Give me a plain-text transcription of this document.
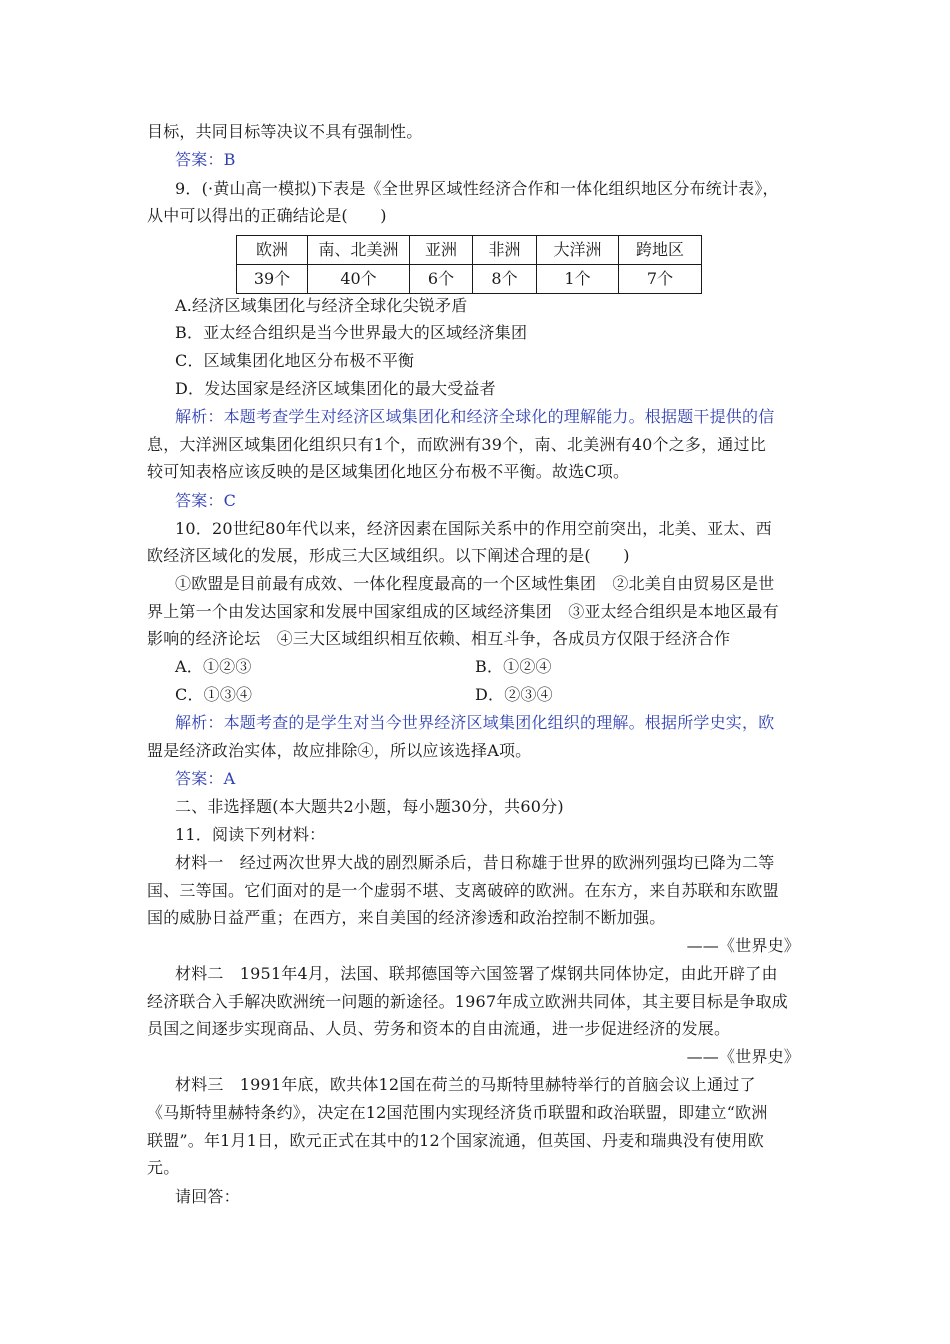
目标，共同目标等决议不具有强制性。
答案：B
9．(·黄山高一模拟)下表是《全世界区域性经济合作和一体化组织地区分布统计表》，
从中可以得出的正确结论是(　　)
欧洲	南、北美洲	亚洲	非洲	大洋洲	跨地区
39个	40个	6个	8个	1个	7个
A.经济区域集团化与经济全球化尖锐矛盾
B．亚太经合组织是当今世界最大的区域经济集团
C．区域集团化地区分布极不平衡
D．发达国家是经济区域集团化的最大受益者
解析：本题考查学生对经济区域集团化和经济全球化的理解能力。根据题干提供的信
息，大洋洲区域集团化组织只有1个，而欧洲有39个，南、北美洲有40个之多，通过比
较可知表格应该反映的是区域集团化地区分布极不平衡。故选C项。
答案：C
10．20世纪80年代以来，经济因素在国际关系中的作用空前突出，北美、亚太、西
欧经济区域化的发展，形成三大区域组织。以下阐述合理的是(　　)
①欧盟是目前最有成效、一体化程度最高的一个区域性集团　②北美自由贸易区是世
界上第一个由发达国家和发展中国家组成的区域经济集团　③亚太经合组织是本地区最有
影响的经济论坛　④三大区域组织相互依赖、相互斗争，各成员方仅限于经济合作
A．①②③	B．①②④
C．①③④	D．②③④
解析：本题考查的是学生对当今世界经济区域集团化组织的理解。根据所学史实，欧
盟是经济政治实体，故应排除④，所以应该选择A项。
答案：A
二、非选择题(本大题共2小题，每小题30分，共60分)
11．阅读下列材料：
材料一　经过两次世界大战的剧烈厮杀后，昔日称雄于世界的欧洲列强均已降为二等
国、三等国。它们面对的是一个虚弱不堪、支离破碎的欧洲。在东方，来自苏联和东欧盟
国的威胁日益严重；在西方，来自美国的经济渗透和政治控制不断加强。
——《世界史》
材料二　1951年4月，法国、联邦德国等六国签署了煤钢共同体协定，由此开辟了由
经济联合入手解决欧洲统一问题的新途径。1967年成立欧洲共同体，其主要目标是争取成
员国之间逐步实现商品、人员、劳务和资本的自由流通，进一步促进经济的发展。
——《世界史》
材料三　1991年底，欧共体12国在荷兰的马斯特里赫特举行的首脑会议上通过了
《马斯特里赫特条约》，决定在12国范围内实现经济货币联盟和政治联盟，即建立“欧洲
联盟”。年1月1日，欧元正式在其中的12个国家流通，但英国、丹麦和瑞典没有使用欧
元。
请回答：
